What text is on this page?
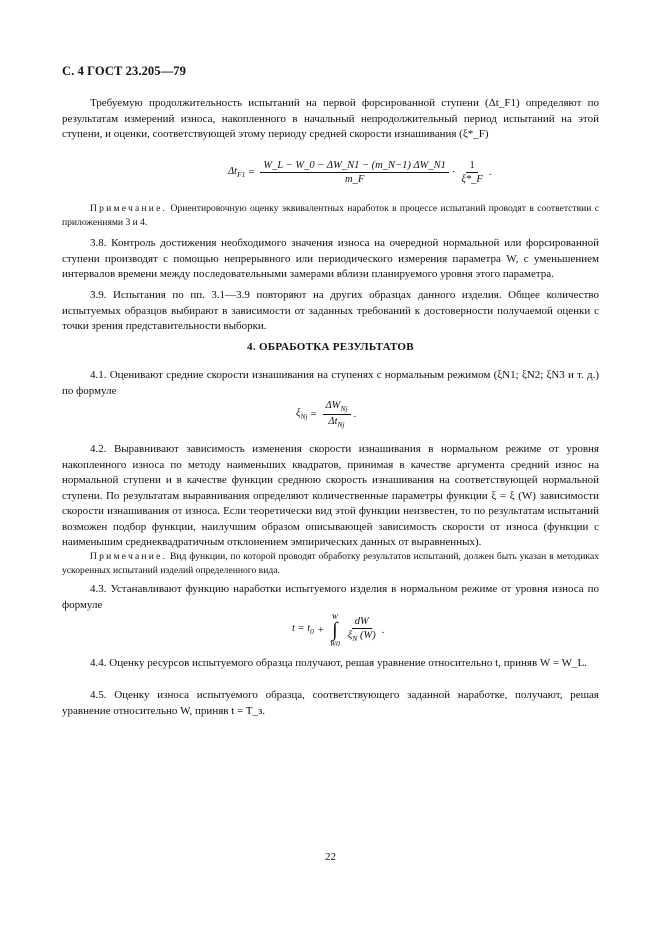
С. 4 ГОСТ 23.205—79

Требуемую продолжительность испытаний на первой форсированной ступени (Δt_F1) определяют по результатам измерений износа, накопленного в начальный непродолжительный период испытаний на этой ступени, и оценки, соответствующей этому периоду средней скорости изнашивания (ξ*_F)

$\Delta t_{F1} = \frac{W\_L - W\_0 - \Delta W\_N1 - (m\_N-1) \Delta W\_N1}{m\_F} \cdot \frac{1}{\xi*\_F}$ .

Примечание. Ориентировочную оценку эквивалентных наработок в процессе испытаний проводят в соответствии с приложениями 3 и 4.

3.8. Контроль достижения необходимого значения износа на очередной нормальной или форсированной ступени производят с помощью непрерывного или периодического измерения параметра W, с уменьшением интервалов времени между последовательными замерами вблизи планируемого уровня этого параметра.

3.9. Испытания по пп. 3.1—3.9 повторяют на других образцах данного изделия. Общее количество испытуемых образцов выбирают в зависимости от заданных требований к достоверности получаемой оценки с точки зрения представительности выборки.

4. ОБРАБОТКА РЕЗУЛЬТАТОВ

4.1. Оценивают средние скорости изнашивания на ступенях с нормальным режимом (ξN1; ξN2; ξN3 и т. д.) по формуле

$\xi_{Nj} = \frac{\Delta W_{Nj}}{\Delta t_{Nj}}$ .

4.2. Выравнивают зависимость изменения скорости изнашивания в нормальном режиме от уровня накопленного износа по методу наименьших квадратов, принимая в качестве аргумента средний износ на нормальной ступени и в качестве функции среднюю скорость изнашивания на соответствующей нормальной ступени. По результатам выравнивания определяют количественные параметры функции ξ = ξ (W) зависимости скорости изнашивания от износа. Если теоретически вид этой функции неизвестен, то по результатам испытаний возможен подбор функции, наилучшим образом описывающей зависимость скорости от износа (функции с наименьшим среднеквадратичным отклонением эмпирических данных от выравненных).

Примечание. Вид функции, по которой проводят обработку результатов испытаний, должен быть указан в методиках ускоренных испытаний изделий определенного вида.

4.3. Устанавливают функцию наработки испытуемого изделия в нормальном режиме от уровня износа по формуле

$t = t_0$ +
W
∫
$W0 \frac{dW}{\xi_N (W)}$ .

4.4. Оценку ресурсов испытуемого образца получают, решая уравнение относительно t, приняв W = W_L.

4.5. Оценку износа испытуемого образца, соответствующего заданной наработке, получают, решая уравнение относительно W, приняв t = T_з.

22
